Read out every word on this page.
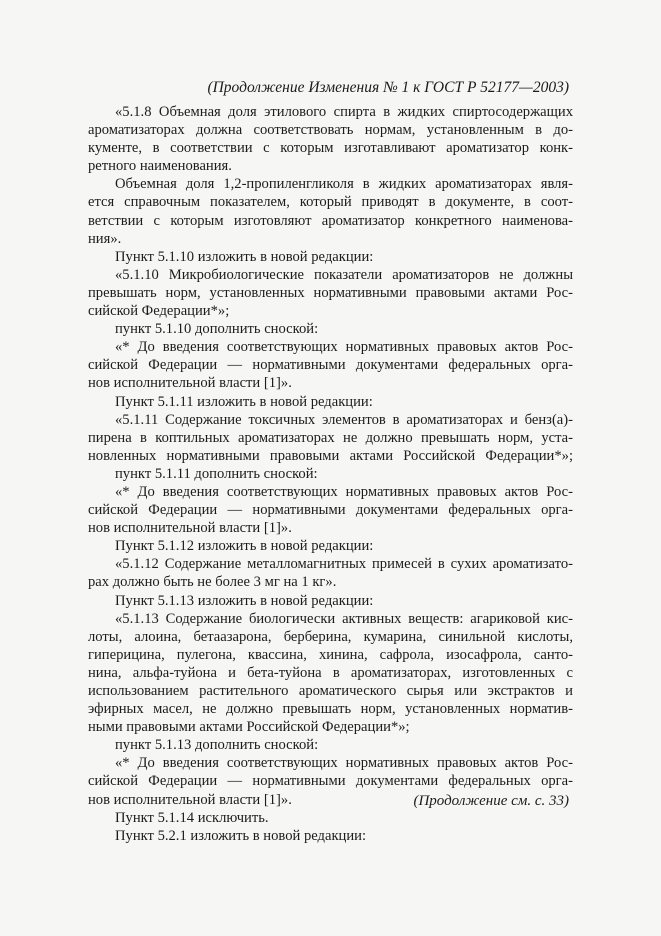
(Продолжение Изменения № 1 к ГОСТ Р 52177—2003)
«5.1.8 Объемная доля этилового спирта в жидких спиртосодержащих
ароматизаторах должна соответствовать нормам, установленным в до-
кументе, в соответствии с которым изготавливают ароматизатор конк-
ретного наименования.
Объемная доля 1,2-пропиленгликоля в жидких ароматизаторах явля-
ется справочным показателем, который приводят в документе, в соот-
ветствии с которым изготовляют ароматизатор конкретного наименова-
ния».
Пункт 5.1.10 изложить в новой редакции:
«5.1.10 Микробиологические показатели ароматизаторов не должны
превышать норм, установленных нормативными правовыми актами Рос-
сийской Федерации*»;
пункт 5.1.10 дополнить сноской:
«* До введения соответствующих нормативных правовых актов Рос-
сийской Федерации — нормативными документами федеральных орга-
нов исполнительной власти [1]».
Пункт 5.1.11 изложить в новой редакции:
«5.1.11 Содержание токсичных элементов в ароматизаторах и бенз(а)-
пирена в коптильных ароматизаторах не должно превышать норм, уста-
новленных нормативными правовыми актами Российской Федерации*»;
пункт 5.1.11 дополнить сноской:
«* До введения соответствующих нормативных правовых актов Рос-
сийской Федерации — нормативными документами федеральных орга-
нов исполнительной власти [1]».
Пункт 5.1.12 изложить в новой редакции:
«5.1.12 Содержание металломагнитных примесей в сухих ароматизато-
рах должно быть не более 3 мг на 1 кг».
Пункт 5.1.13 изложить в новой редакции:
«5.1.13 Содержание биологически активных веществ: агариковой кис-
лоты, алоина, бетаазарона, берберина, кумарина, синильной кислоты,
гиперицина, пулегона, квассина, хинина, сафрола, изосафрола, санто-
нина, альфа-туйона и бета-туйона в ароматизаторах, изготовленных с
использованием растительного ароматического сырья или экстрактов и
эфирных масел, не должно превышать норм, установленных норматив-
ными правовыми актами Российской Федерации*»;
пункт 5.1.13 дополнить сноской:
«* До введения соответствующих нормативных правовых актов Рос-
сийской Федерации — нормативными документами федеральных орга-
нов исполнительной власти [1]».
Пункт 5.1.14 исключить.
Пункт 5.2.1 изложить в новой редакции:
(Продолжение см. с. 33)
